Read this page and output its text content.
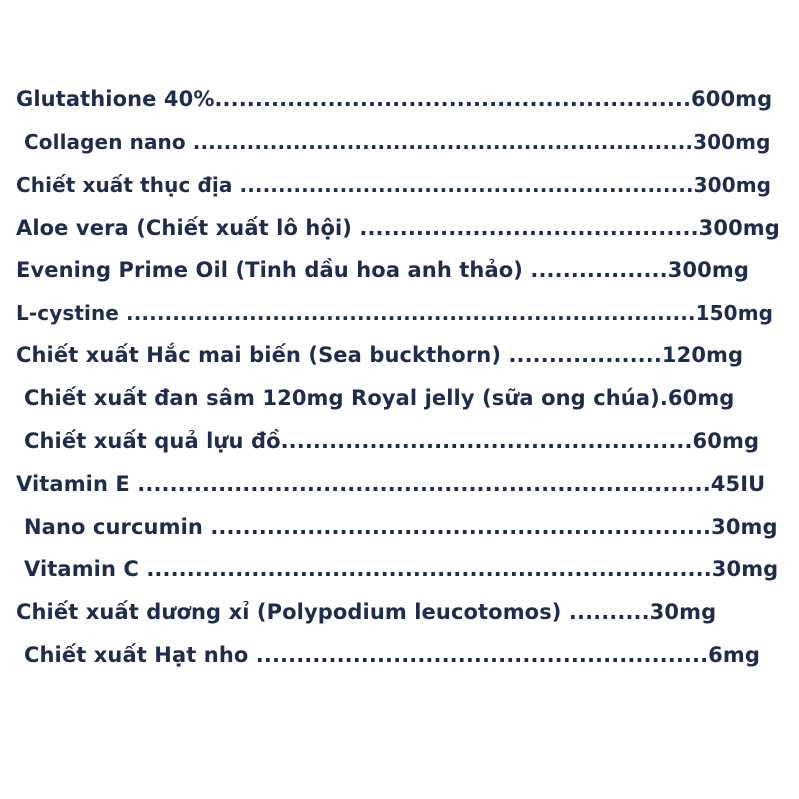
Glutathione 40%...........................................................600mg
Collagen nano .................................................................300mg
Chiết xuất thục địa ...........................................................300mg
Aloe vera (Chiết xuất lô hội) ..........................................300mg
Evening Prime Oil (Tinh dầu hoa anh thảo) .................300mg
L-cystine ..........................................................................150mg
Chiết xuất Hắc mai biến (Sea buckthorn) ...................120mg
Chiết xuất đan sâm 120mg Royal jelly (sữa ong chúa).60mg
Chiết xuất quả lựu đồ...................................................60mg
Vitamin E .......................................................................45IU
Nano curcumin ..............................................................30mg
Vitamin C ......................................................................30mg
Chiết xuất dương xỉ (Polypodium leucotomos) ..........30mg
Chiết xuất Hạt nho ........................................................6mg
